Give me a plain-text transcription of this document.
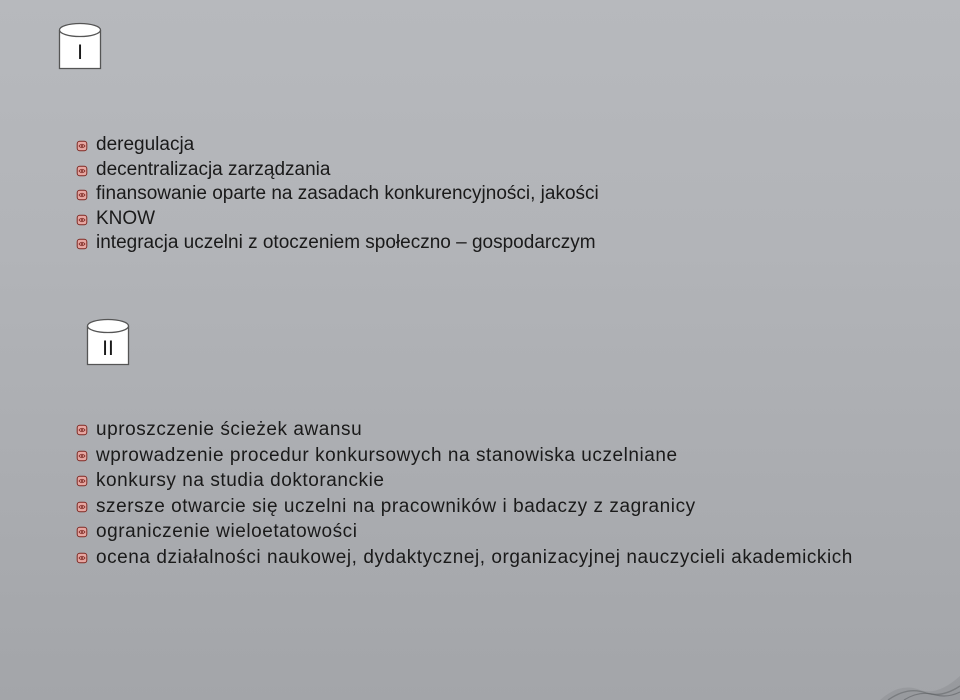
I
deregulacja
decentralizacja zarządzania
finansowanie oparte na zasadach konkurencyjności, jakości
KNOW
integracja uczelni z otoczeniem społeczno – gospodarczym
II
uproszczenie ścieżek awansu
wprowadzenie procedur konkursowych na stanowiska uczelniane
konkursy na studia doktoranckie
szersze otwarcie się uczelni na pracowników i badaczy z zagranicy
ograniczenie wieloetatowości
ocena działalności naukowej, dydaktycznej, organizacyjnej nauczycieli akademickich
